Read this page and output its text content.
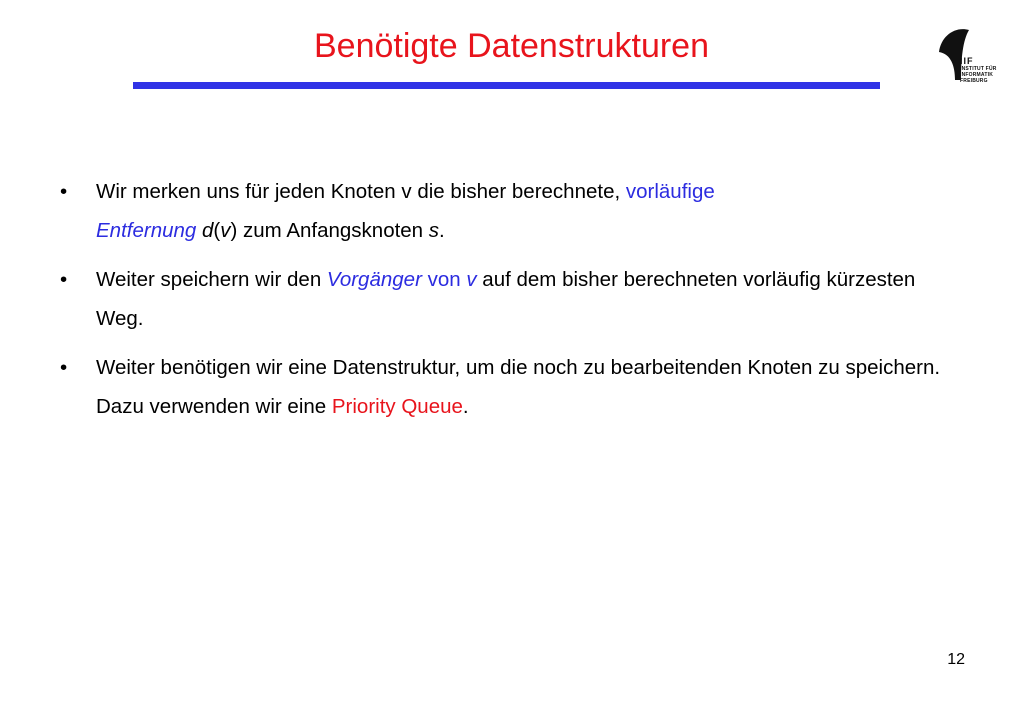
Benötigte Datenstrukturen	IIF
INSTITUT FÜR
INFORMATIK
FREIBURG
•	Wir merken uns für jeden Knoten v die bisher berechnete, vorläufige
Entfernung d(v) zum Anfangsknoten s.
•	Weiter speichern wir den Vorgänger von v auf dem bisher berechneten vorläufig kürzesten Weg.
•	Weiter benötigen wir eine Datenstruktur, um die noch zu bearbeitenden Knoten zu speichern. Dazu verwenden wir eine Priority Queue.
12
